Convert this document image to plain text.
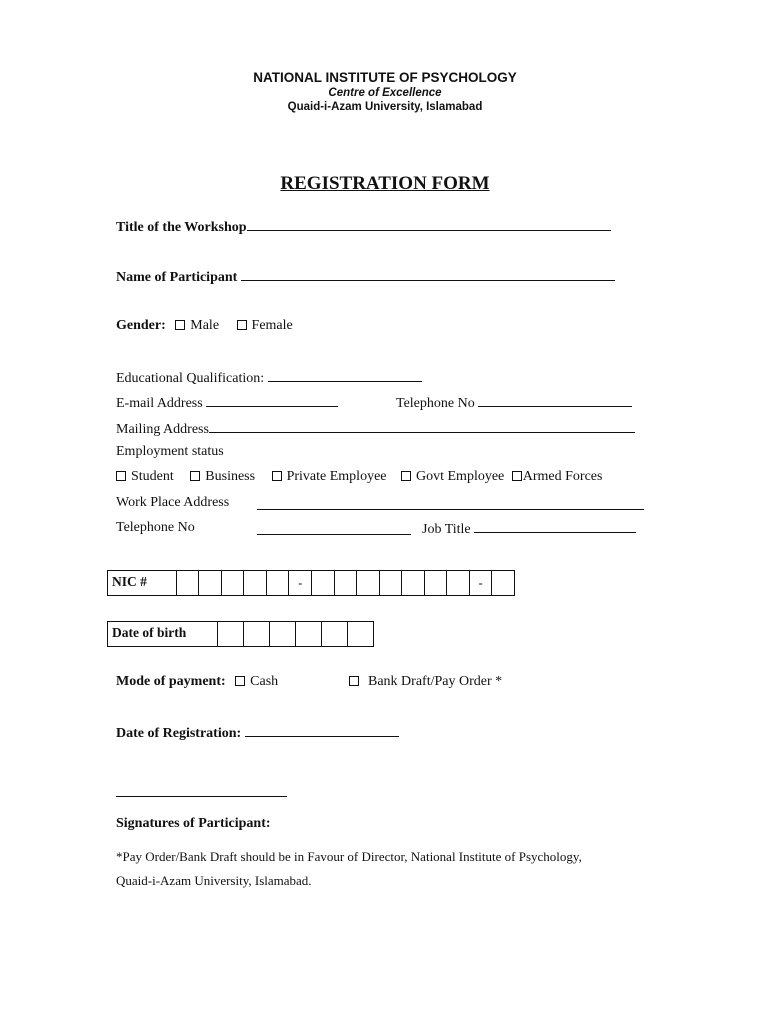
NATIONAL INSTITUTE OF PSYCHOLOGY
Centre of Excellence
Quaid-i-Azam University, Islamabad
REGISTRATION FORM
Title of the Workshop
Name of Participant
Gender: Male Female
Educational Qualification:
E-mail Address	Telephone No
Mailing Address
Employment status
Student Business Private Employee Govt Employee Armed Forces
Work Place Address
Telephone No	Job Title
NIC #	-	-
Date of birth
Mode of payment: Cash	Bank Draft/Pay Order *
Date of Registration:
Signatures of Participant:
*Pay Order/Bank Draft should be in Favour of Director, National Institute of Psychology,
Quaid-i-Azam University, Islamabad.
